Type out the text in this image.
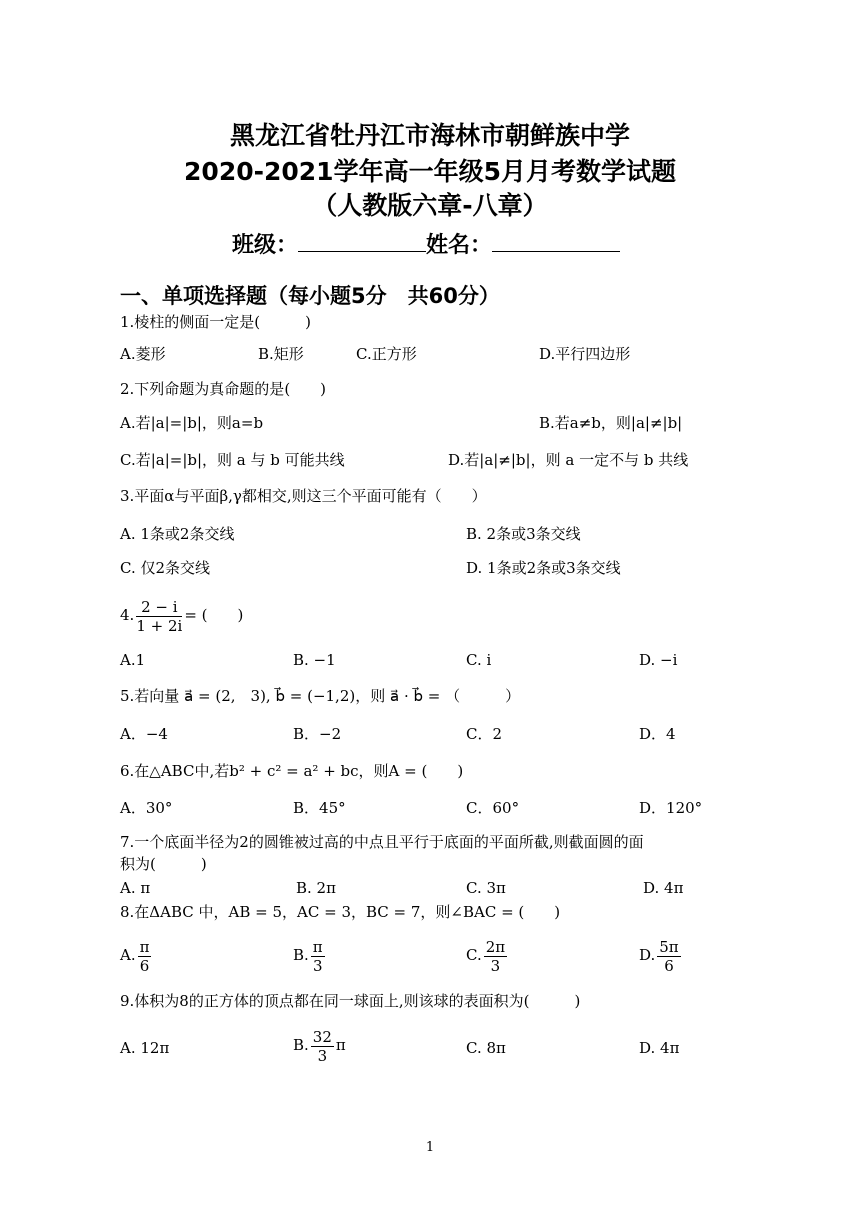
黑龙江省牡丹江市海林市朝鲜族中学
2020-2021学年高一年级5月月考数学试题
（人教版六章-八章）
班级：	姓名：
一、单项选择题（每小题5分　共60分）
1.棱柱的侧面一定是(　　　)
A.菱形	B.矩形	C.正方形	D.平行四边形
2.下列命题为真命题的是(　　)
A.若|a|=|b|，则a=b	B.若a≠b，则|a|≠|b|
C.若|a|=|b|，则 a 与 b 可能共线	D.若|a|≠|b|，则 a 一定不与 b 共线
3.平面α与平面β,γ都相交,则这三个平面可能有（　　）
A. 1条或2条交线	B. 2条或3条交线
C. 仅2条交线	D. 1条或2条或3条交线
4. $\frac{2 - i}{1 + 2i}$ = (　　)
A.1	B. −1	C. i	D. −i
5.若向量 a⃗ = (2,　3), b⃗ = (−1,2)，则 a⃗ · b⃗ = （　　　）
A．−4	B．−2	C．2	D．4
6.在△ABC中,若b² + c² = a² + bc，则A = (　　)
A．30°	B．45°	C．60°	D．120°
7.一个底面半径为2的圆锥被过高的中点且平行于底面的平面所截,则截面圆的面
积为(　　　)
A. π	B. 2π	C. 3π	D. 4π
8.在ΔABC 中，AB = 5，AC = 3，BC = 7，则∠BAC = (　　)
A. $\frac{\pi}{6}$	B. $\frac{\pi}{3}$	C. $\frac{2\pi}{3}$	D. $\frac{5\pi}{6}$
9.体积为8的正方体的顶点都在同一球面上,则该球的表面积为(　　　)
A. 12π	B. $\frac{32}{3}$ π	C. 8π	D. 4π
1
